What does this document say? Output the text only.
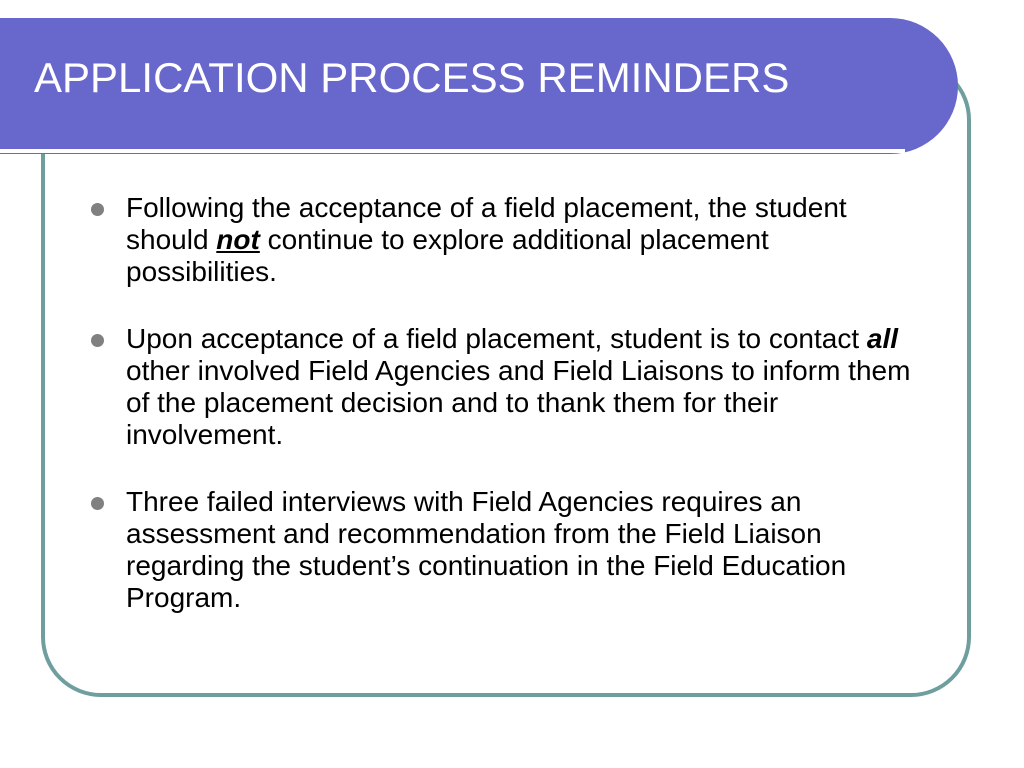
APPLICATION PROCESS REMINDERS
Following the acceptance of a field placement, the student should not continue to explore additional placement possibilities.
Upon acceptance of a field placement, student is to contact all other involved Field Agencies and Field Liaisons to inform them of the placement decision and to thank them for their involvement.
Three failed interviews with Field Agencies requires an assessment and recommendation from the Field Liaison regarding the student’s continuation in the Field Education Program.
